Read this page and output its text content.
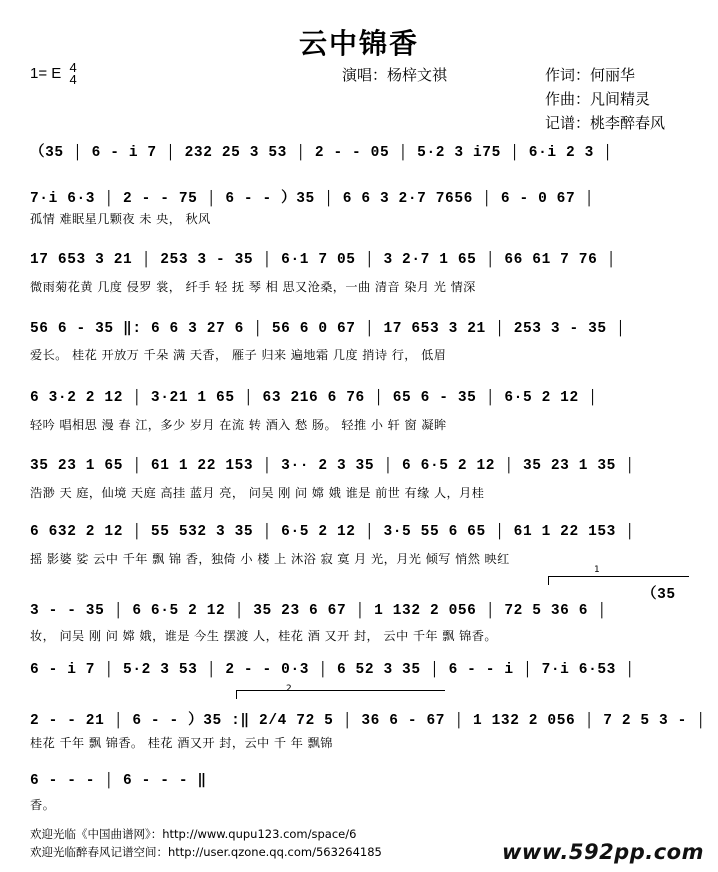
云中锦香
1= E 4
4	演唱：杨梓文祺	作词：何丽华
作曲：凡间精灵
记谱：桃李醉春风
（35 │ 6 - i 7 │ 232 25 3 53 │ 2 - - 05 │ 5·2 3 i75 │ 6·i 2 3 │
7·i 6·3 │ 2 - - 75 │ 6 - - ）35 │ 6 6 3 2·7 7656 │ 6 - 0 67 │
孤情 难眠星几颗夜 未 央， 秋风
17 653 3 21 │ 253 3 - 35 │ 6·1 7 05 │ 3 2·7 1 65 │ 66 61 7 76 │
微雨菊花黄 几度 侵罗 裳， 纤手 轻 抚 琴 相 思又沧桑，一曲 清音 染月 光 情深
56 6 - 35 ‖: 6 6 3 27 6 │ 56 6 0 67 │ 17 653 3 21 │ 253 3 - 35 │
爱长。 桂花 开放万 千朵 满 天香， 雁子 归来 遍地霜 几度 捎诗 行， 低眉
6 3·2 2 12 │ 3·21 1 65 │ 63 216 6 76 │ 65 6 - 35 │ 6·5 2 12 │
轻吟 唱相思 漫 春 江，多少 岁月 在流 转 酒入 愁 肠。 轻推 小 轩 窗 凝眸
35 23 1 65 │ 61 1 22 153 │ 3·· 2 3 35 │ 6 6·5 2 12 │ 35 23 1 35 │
浩渺 天 庭，仙境 天庭 高挂 蓝月 亮， 问吴 刚 问 嫦 娥 谁是 前世 有缘 人，月桂
6 632 2 12 │ 55 532 3 35 │ 6·5 2 12 │ 3·5 55 6 65 │ 61 1 22 153 │
摇 影婆 娑 云中 千年 飘 锦 香，独倚 小 楼 上 沐浴 寂 寞 月 光，月光 倾写 悄然 映红
1
（35
3 - - 35 │ 6 6·5 2 12 │ 35 23 6 67 │ 1 132 2 056 │ 72 5 36 6 │
妆， 问吴 刚 问 嫦 娥，谁是 今生 摆渡 人，桂花 酒 又开 封， 云中 千年 飘 锦香。
6 - i 7 │ 5·2 3 53 │ 2 - - 0·3 │ 6 52 3 35 │ 6 - - i │ 7·i 6·53 │
2
2 - - 21 │ 6 - - ）35 :‖ 2/4 72 5 │ 36 6 - 67 │ 1 132 2 056 │ 7 2 5 3 - │
桂花 千年 飘 锦香。 桂花 酒又开 封，云中 千 年 飘锦
6 - - - │ 6 - - - ‖
香。
欢迎光临《中国曲谱网》：http://www.qupu123.com/space/6
欢迎光临醉春风记谱空间：http://user.qzone.qq.com/563264185	www.592pp.com
